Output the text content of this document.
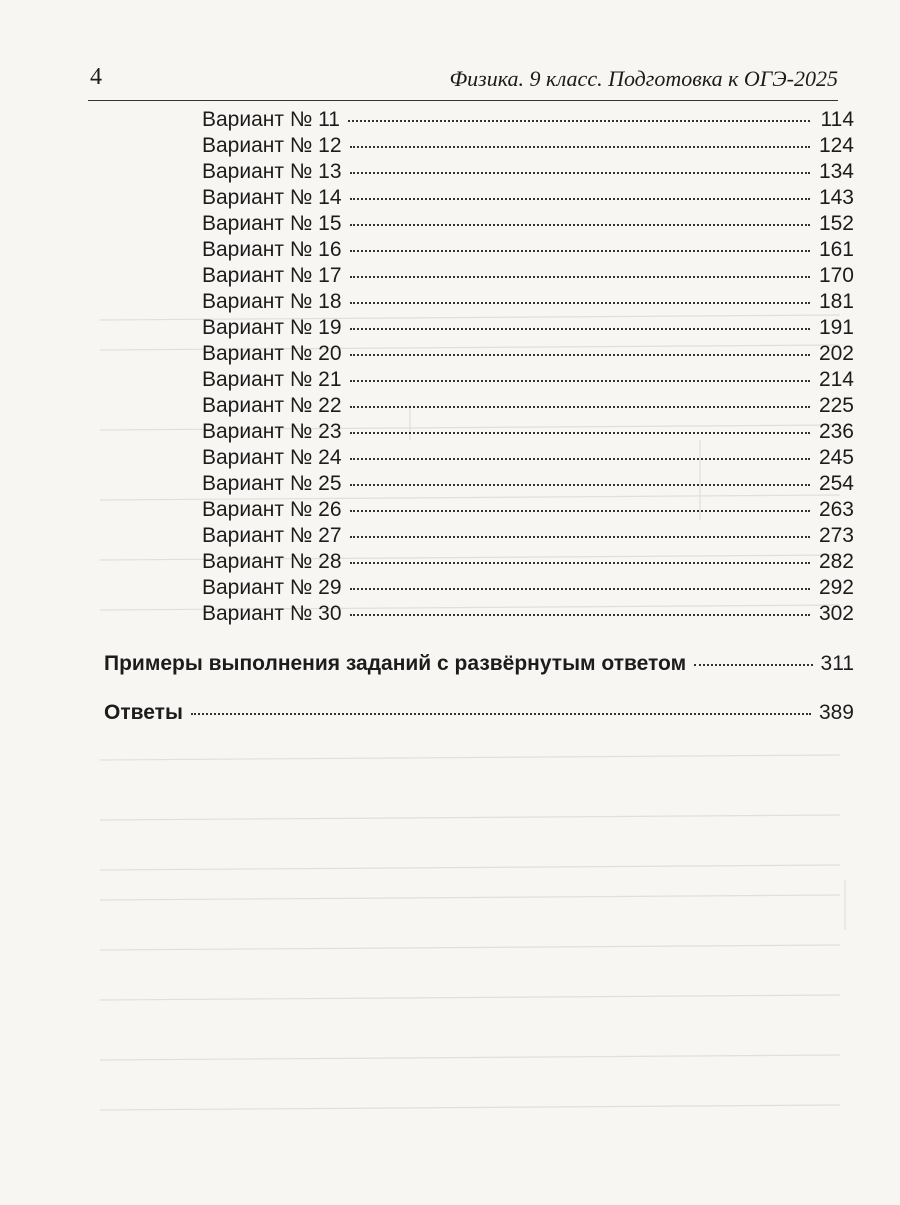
4	Физика. 9 класс. Подготовка к ОГЭ-2025
Вариант № 11	114
Вариант № 12	124
Вариант № 13	134
Вариант № 14	143
Вариант № 15	152
Вариант № 16	161
Вариант № 17	170
Вариант № 18	181
Вариант № 19	191
Вариант № 20	202
Вариант № 21	214
Вариант № 22	225
Вариант № 23	236
Вариант № 24	245
Вариант № 25	254
Вариант № 26	263
Вариант № 27	273
Вариант № 28	282
Вариант № 29	292
Вариант № 30	302
Примеры выполнения заданий с развёрнутым ответом	311
Ответы	389
